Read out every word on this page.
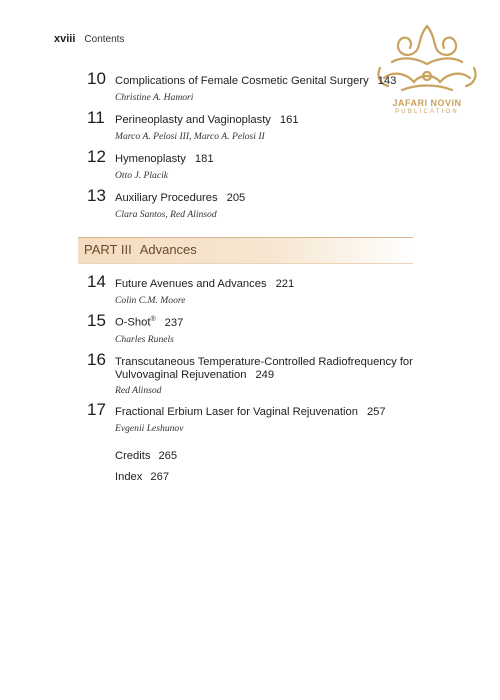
xviii Contents
JAFARI NOVIN
PUBLICATION
10 Complications of Female Cosmetic Genital Surgery 143
Christine A. Hamori
11 Perineoplasty and Vaginoplasty 161
Marco A. Pelosi III, Marco A. Pelosi II
12 Hymenoplasty 181
Otto J. Placik
13 Auxiliary Procedures 205
Clara Santos, Red Alinsod
PART III Advances
14 Future Avenues and Advances 221
Colin C.M. Moore
15 O-Shot® 237
Charles Runels
16 Transcutaneous Temperature-Controlled Radiofrequency for
Vulvovaginal Rejuvenation 249
Red Alinsod
17 Fractional Erbium Laser for Vaginal Rejuvenation 257
Evgenii Leshunov
Credits 265
Index 267
